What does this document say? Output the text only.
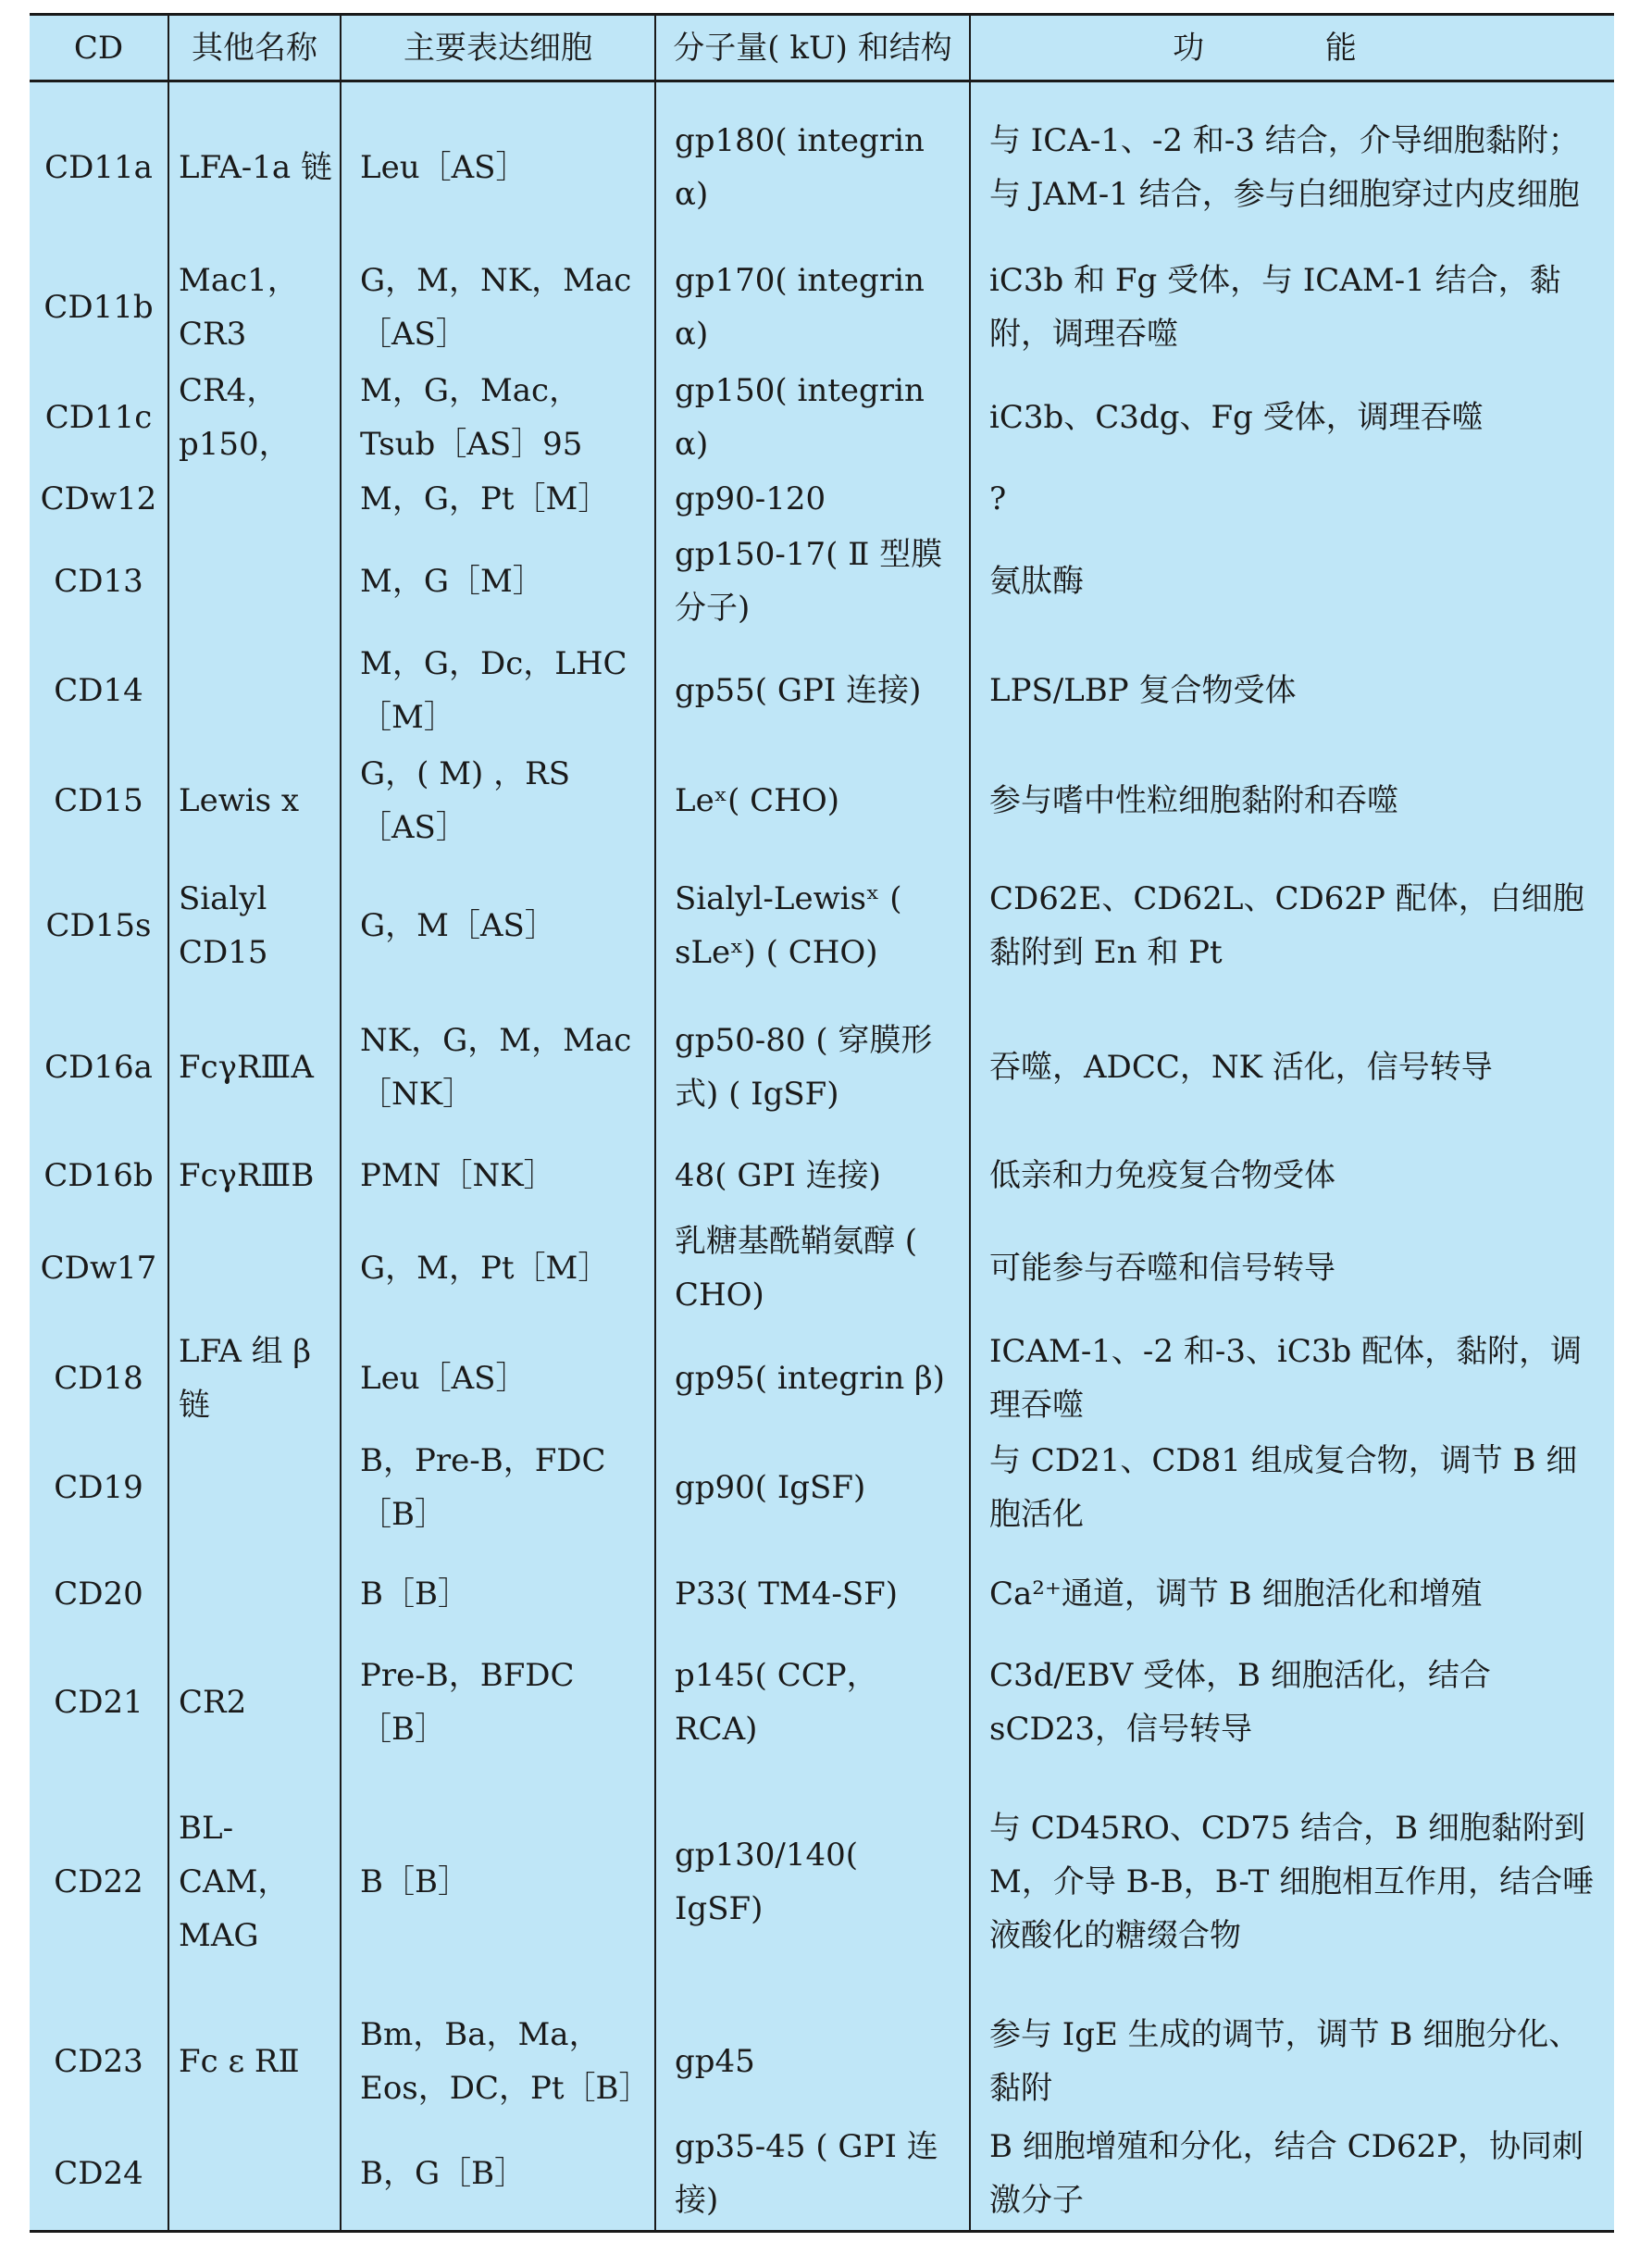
CD	其他名称	主要表达细胞	分子量( kU) 和结构	功 能
CD11a	LFA-1a 链	Leu［AS］	gp180( integrin α)	与 ICA-1、-2 和-3 结合，介导细胞黏附；与 JAM-1 结合，参与白细胞穿过内皮细胞
CD11b	Mac1，CR3	G，M，NK，Mac［AS］	gp170( integrin α)	iC3b 和 Fg 受体，与 ICAM-1 结合，黏附，调理吞噬
CD11c	CR4，p150，	M，G，Mac，Tsub［AS］95	gp150( integrin α)	iC3b、C3dg、Fg 受体，调理吞噬
CDw12		M，G，Pt［M］	gp90-120	?
CD13		M，G［M］	gp150-17( Ⅱ 型膜分子)	氨肽酶
CD14		M，G，Dc，LHC［M］	gp55( GPI 连接)	LPS/LBP 复合物受体
CD15	Lewis x	G，( M) ，RS［AS］	Leˣ( CHO)	参与嗜中性粒细胞黏附和吞噬
CD15s	Sialyl CD15	G，M［AS］	Sialyl-Lewisˣ ( sLeˣ) ( CHO)	CD62E、CD62L、CD62P 配体，白细胞黏附到 En 和 Pt
CD16a	FcγRⅢA	NK，G，M，Mac［NK］	gp50-80 ( 穿膜形式) ( IgSF)	吞噬，ADCC，NK 活化，信号转导
CD16b	FcγRⅢB	PMN［NK］	48( GPI 连接)	低亲和力免疫复合物受体
CDw17		G，M，Pt［M］	乳糖基酰鞘氨醇 ( CHO)	可能参与吞噬和信号转导
CD18	LFA 组 β 链	Leu［AS］	gp95( integrin β)	ICAM-1、-2 和-3、iC3b 配体，黏附，调理吞噬
CD19		B，Pre-B，FDC［B］	gp90( IgSF)	与 CD21、CD81 组成复合物，调节 B 细胞活化
CD20		B［B］	P33( TM4-SF)	Ca²⁺通道，调节 B 细胞活化和增殖
CD21	CR2	Pre-B，BFDC［B］	p145( CCP，RCA)	C3d/EBV 受体，B 细胞活化，结合 sCD23，信号转导
CD22	BL-CAM，MAG	B［B］	gp130/140( IgSF)	与 CD45RO、CD75 结合，B 细胞黏附到 M，介导 B-B，B-T 细胞相互作用，结合唾液酸化的糖缀合物
CD23	Fc ε RⅡ	Bm，Ba，Ma，Eos，DC，Pt［B］	gp45	参与 IgE 生成的调节，调节 B 细胞分化、黏附
CD24		B，G［B］	gp35-45 ( GPI 连接)	B 细胞增殖和分化，结合 CD62P，协同刺激分子
